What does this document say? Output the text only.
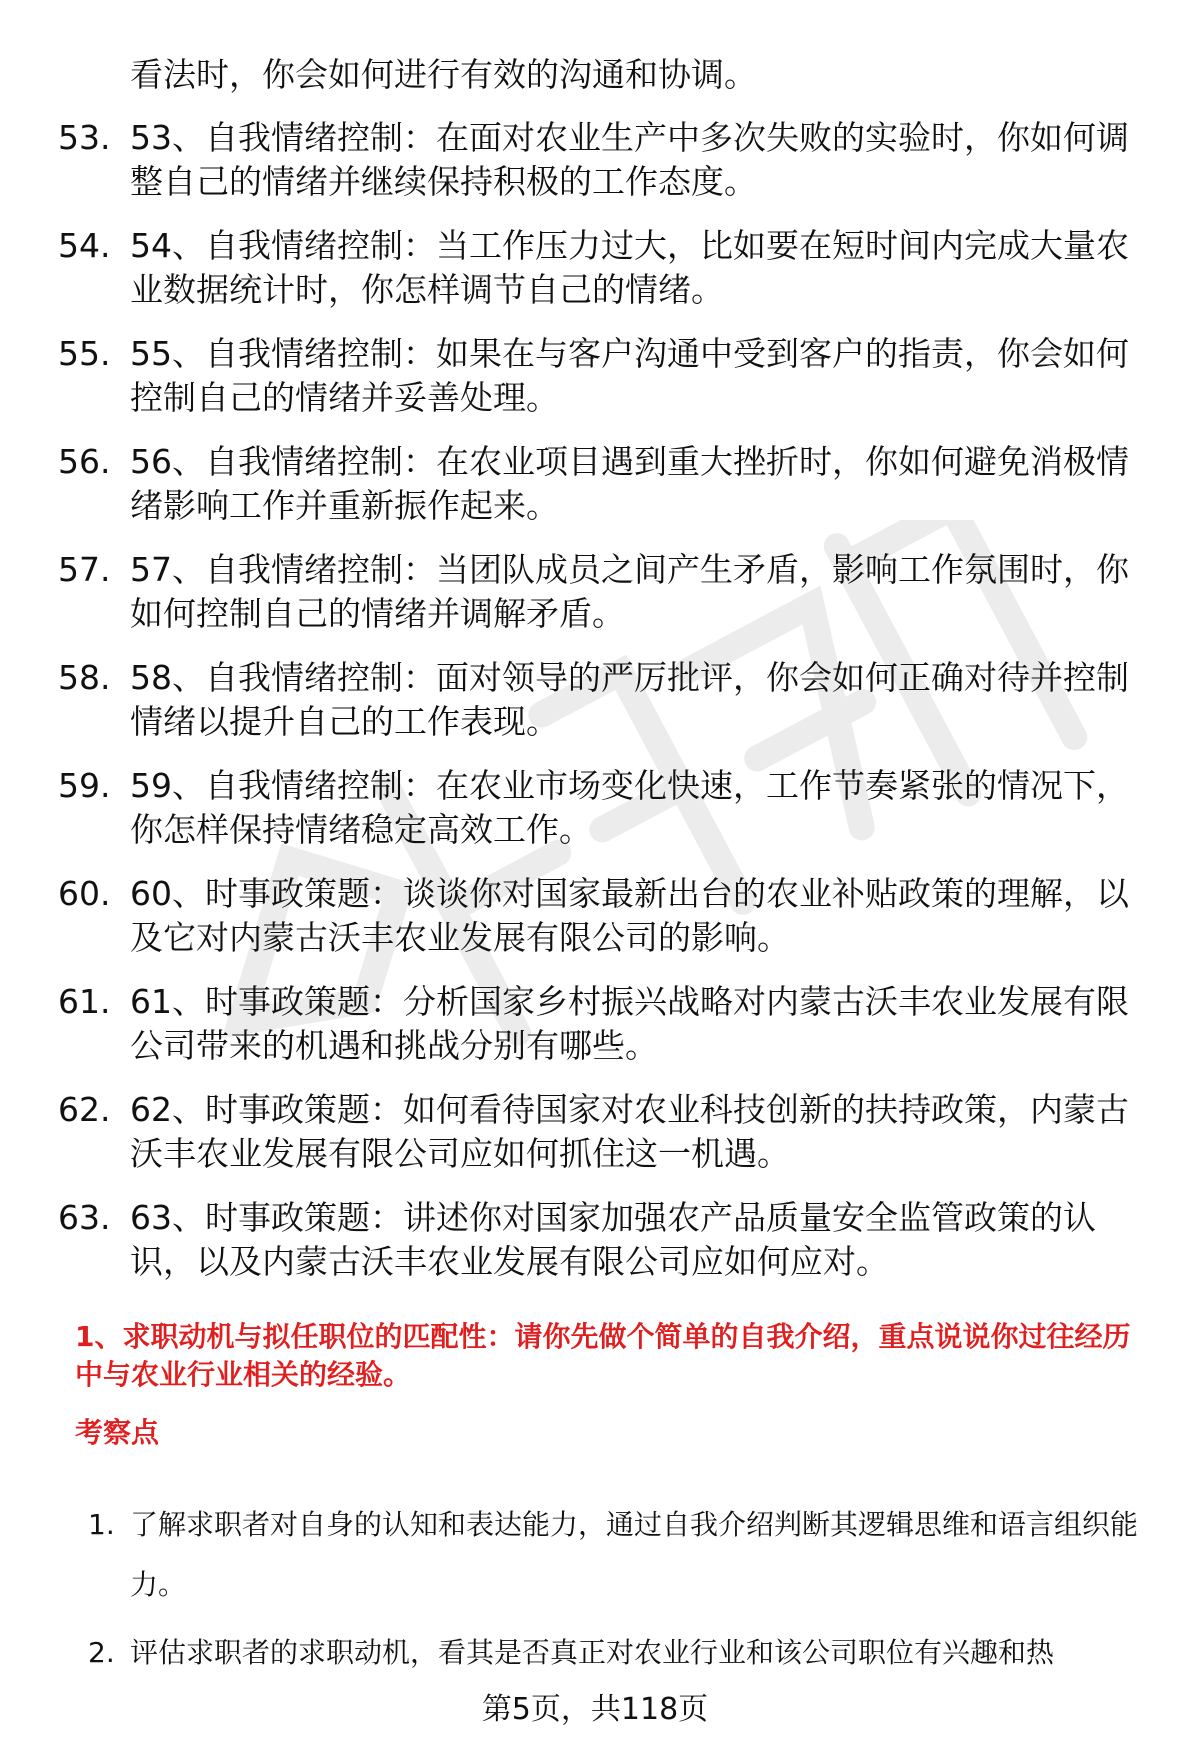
看法时，你会如何进行有效的沟通和协调。
53. 53、自我情绪控制：在面对农业生产中多次失败的实验时，你如何调整自己的情绪并继续保持积极的工作态度。
54. 54、自我情绪控制：当工作压力过大，比如要在短时间内完成大量农业数据统计时，你怎样调节自己的情绪。
55. 55、自我情绪控制：如果在与客户沟通中受到客户的指责，你会如何控制自己的情绪并妥善处理。
56. 56、自我情绪控制：在农业项目遇到重大挫折时，你如何避免消极情绪影响工作并重新振作起来。
57. 57、自我情绪控制：当团队成员之间产生矛盾，影响工作氛围时，你如何控制自己的情绪并调解矛盾。
58. 58、自我情绪控制：面对领导的严厉批评，你会如何正确对待并控制情绪以提升自己的工作表现。
59. 59、自我情绪控制：在农业市场变化快速，工作节奏紧张的情况下，你怎样保持情绪稳定高效工作。
60. 60、时事政策题：谈谈你对国家最新出台的农业补贴政策的理解，以及它对内蒙古沃丰农业发展有限公司的影响。
61. 61、时事政策题：分析国家乡村振兴战略对内蒙古沃丰农业发展有限公司带来的机遇和挑战分别有哪些。
62. 62、时事政策题：如何看待国家对农业科技创新的扶持政策，内蒙古沃丰农业发展有限公司应如何抓住这一机遇。
63. 63、时事政策题：讲述你对国家加强农产品质量安全监管政策的认识，以及内蒙古沃丰农业发展有限公司应如何应对。
1、求职动机与拟任职位的匹配性：请你先做个简单的自我介绍，重点说说你过往经历中与农业行业相关的经验。
考察点
1. 了解求职者对自身的认知和表达能力，通过自我介绍判断其逻辑思维和语言组织能力。
2. 评估求职者的求职动机，看其是否真正对农业行业和该公司职位有兴趣和热
第5页，共118页
